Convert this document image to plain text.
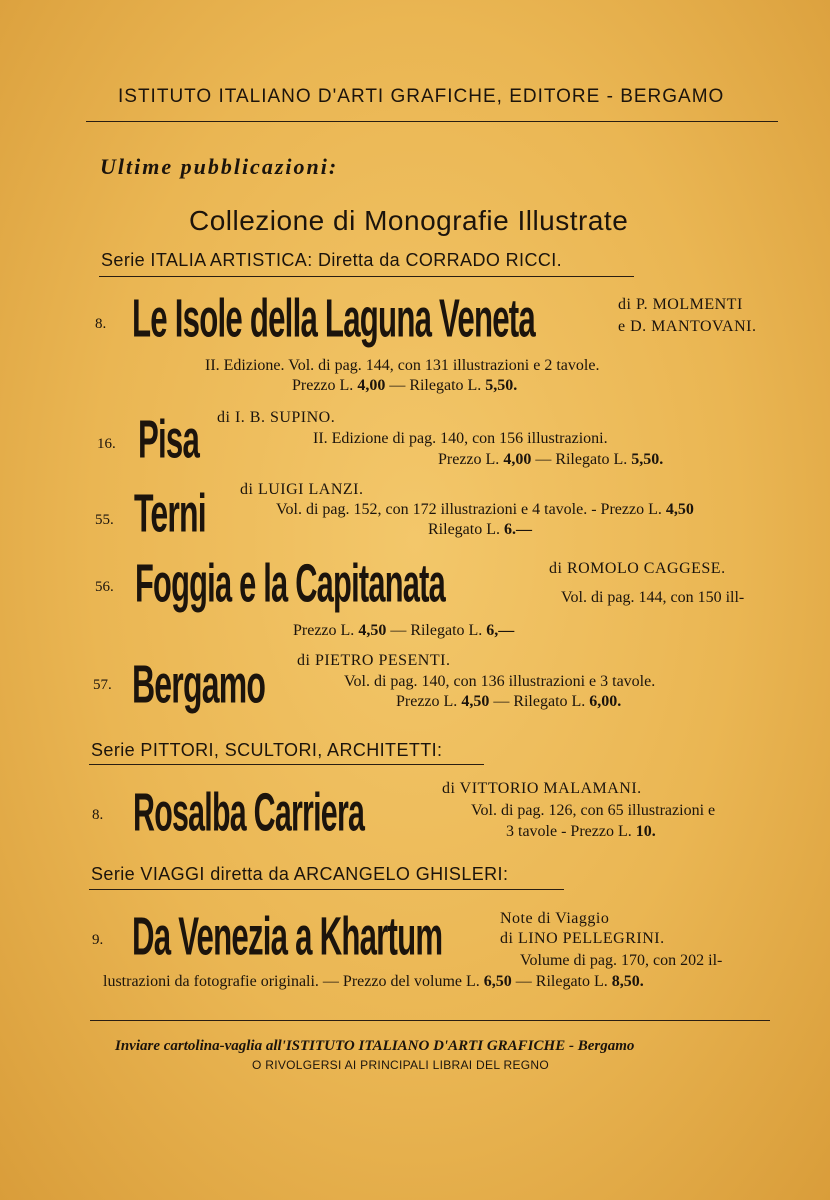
ISTITUTO ITALIANO D'ARTI GRAFICHE, EDITORE - BERGAMO
Ultime pubblicazioni:
Collezione di Monografie Illustrate
Serie ITALIA ARTISTICA: Diretta da CORRADO RICCI.
8. Le Isole della Laguna Veneta	di P. MOLMENTI
e D. MANTOVANI.
II. Edizione. Vol. di pag. 144, con 131 illustrazioni e 2 tavole.
Prezzo L. 4,00 — Rilegato L. 5,50.
16. Pisa di I. B. SUPINO.
II. Edizione di pag. 140, con 156 illustrazioni.
Prezzo L. 4,00 — Rilegato L. 5,50.
55. Terni di LUIGI LANZI.
Vol. di pag. 152, con 172 illustrazioni e 4 tavole. - Prezzo L. 4,50
Rilegato L. 6.—
56. Foggia e la Capitanata	di ROMOLO CAGGESE.
Vol. di pag. 144, con 150 ill-
Prezzo L. 4,50 — Rilegato L. 6,—
57. Bergamo di PIETRO PESENTI.
Vol. di pag. 140, con 136 illustrazioni e 3 tavole.
Prezzo L. 4,50 — Rilegato L. 6,00.
Serie PITTORI, SCULTORI, ARCHITETTI:
8. Rosalba Carriera	di VITTORIO MALAMANI.
Vol. di pag. 126, con 65 illustrazioni e
3 tavole - Prezzo L. 10.
Serie VIAGGI diretta da ARCANGELO GHISLERI:
9. Da Venezia a Khartum	Note di Viaggio
di LINO PELLEGRINI.
Volume di pag. 170, con 202 il-
lustrazioni da fotografie originali. — Prezzo del volume L. 6,50 — Rilegato L. 8,50.
Inviare cartolina-vaglia all'ISTITUTO ITALIANO D'ARTI GRAFICHE - Bergamo
O RIVOLGERSI AI PRINCIPALI LIBRAI DEL REGNO
